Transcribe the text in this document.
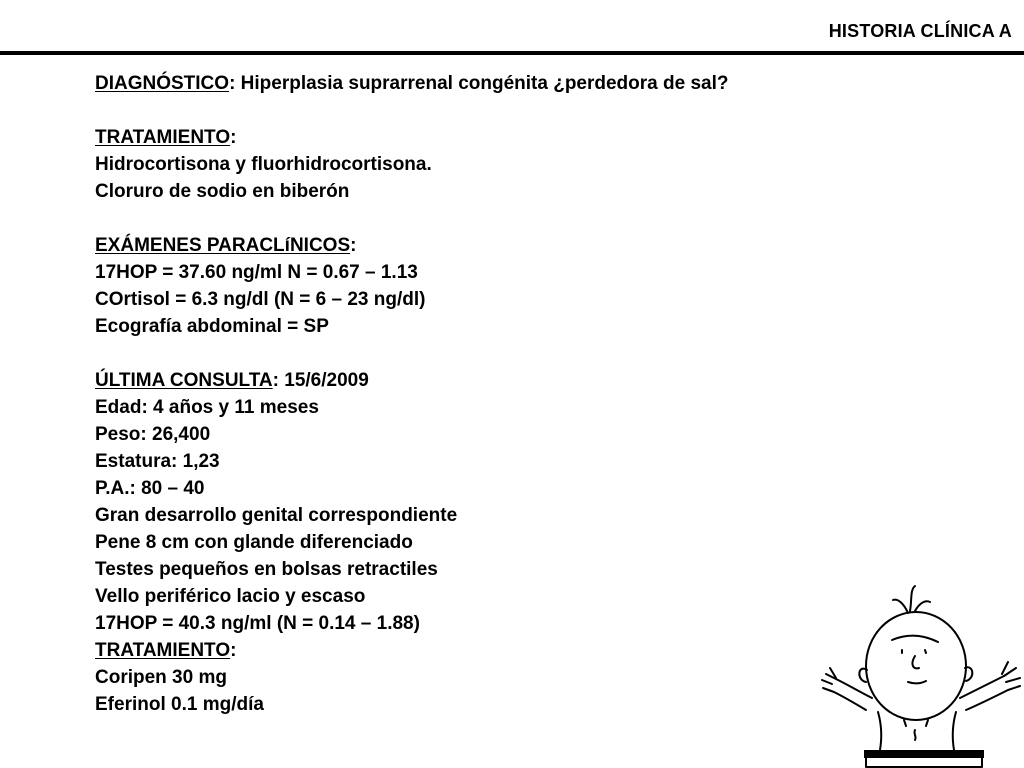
HISTORIA CLÍNICA A
DIAGNÓSTICO: Hiperplasia suprarrenal congénita ¿perdedora de sal?
TRATAMIENTO:
Hidrocortisona y fluorhidrocortisona.
Cloruro de sodio en biberón
EXÁMENES PARACLíNICOS:
17HOP = 37.60 ng/ml N = 0.67 – 1.13
COrtisol = 6.3 ng/dl (N = 6 – 23 ng/dl)
Ecografía abdominal = SP
ÚLTIMA CONSULTA: 15/6/2009
Edad: 4 años y 11 meses
Peso: 26,400
Estatura: 1,23
P.A.: 80 – 40
Gran desarrollo genital correspondiente
Pene 8 cm con glande diferenciado
Testes pequeños en bolsas retractiles
Vello periférico lacio y escaso
17HOP = 40.3 ng/ml (N = 0.14 – 1.88)
TRATAMIENTO:
Coripen 30 mg
Eferinol 0.1 mg/día
